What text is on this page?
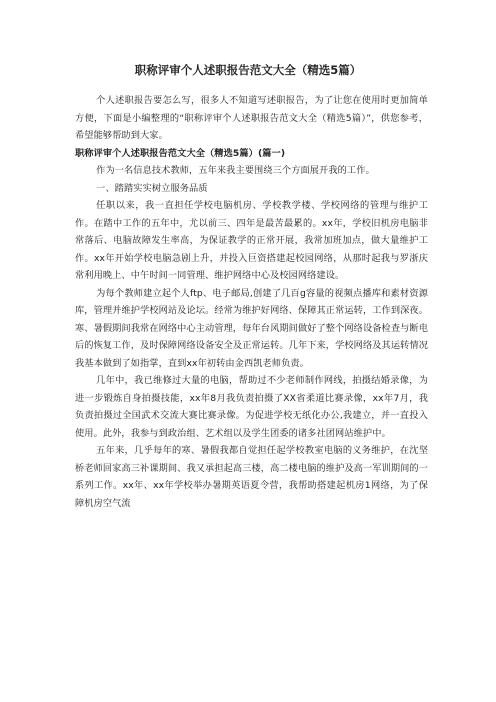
职称评审个人述职报告范文大全（精选5篇）

个人述职报告要怎么写，很多人不知道写述职报告，为了让您在使用时更加简单方便，下面是小编整理的“职称评审个人述职报告范文大全（精选5篇）”，供您参考，希望能够帮助到大家。

职称评审个人述职报告范文大全（精选5篇）(篇一)

作为一名信息技术教师，五年来我主要围绕三个方面展开我的工作。

一、踏踏实实树立服务品质

任职以来，我一直担任学校电脑机房、学校教学楼、学校网络的管理与维护工作。在踏中工作的五年中，尤以前三、四年是最苦最累的。xx年，学校旧机房电脑非常落后、电脑故障发生率高，为保证教学的正常开展，我常加班加点，做大量维护工作。xx年开始学校电脑急剧上升，并投入巨资搭建起校园网络，从那时起我与罗浙庆常利用晚上、中午时间一同管理、维护网络中心及校园网络建设。

为每个教师建立起个人ftp、电子邮局,创建了几百g容量的视频点播库和素材资源库，管理并维护学校网站及论坛。经常为维护好网络、保障其正常运转，工作到深夜。寒、暑假期间我常在网络中心主动管理，每年台风期间做好了整个网络设备检查与断电后的恢复工作，及时保障网络设备安全及正常运转。几年下来，学校网络及其运转情况我基本做到了如指掌，直到xx年初转由金西凯老师负责。

几年中，我已维修过大量的电脑，帮助过不少老师制作网线，拍摄结婚录像，为进一步锻炼自身拍摄技能，xx年8月我负责拍摄了XX省柔道比赛录像，xx年7月，我负责拍摄过全国武术交流大赛比赛录像。为促进学校无纸化办公,我建立，并一直投入使用。此外，我参与到政治组、艺术组以及学生团委的诸多社团网站维护中。

五年来，几乎每年的寒、暑假我都自觉担任起学校教室电脑的义务维护，在沈坚桥老师回家高三补课期间、我又承担起高三楼，高二楼电脑的维护及高一军训期间的一系列工作。xx年、xx年学校举办暑期英语夏令营，我帮助搭建起机房1网络，为了保障机房空气流
